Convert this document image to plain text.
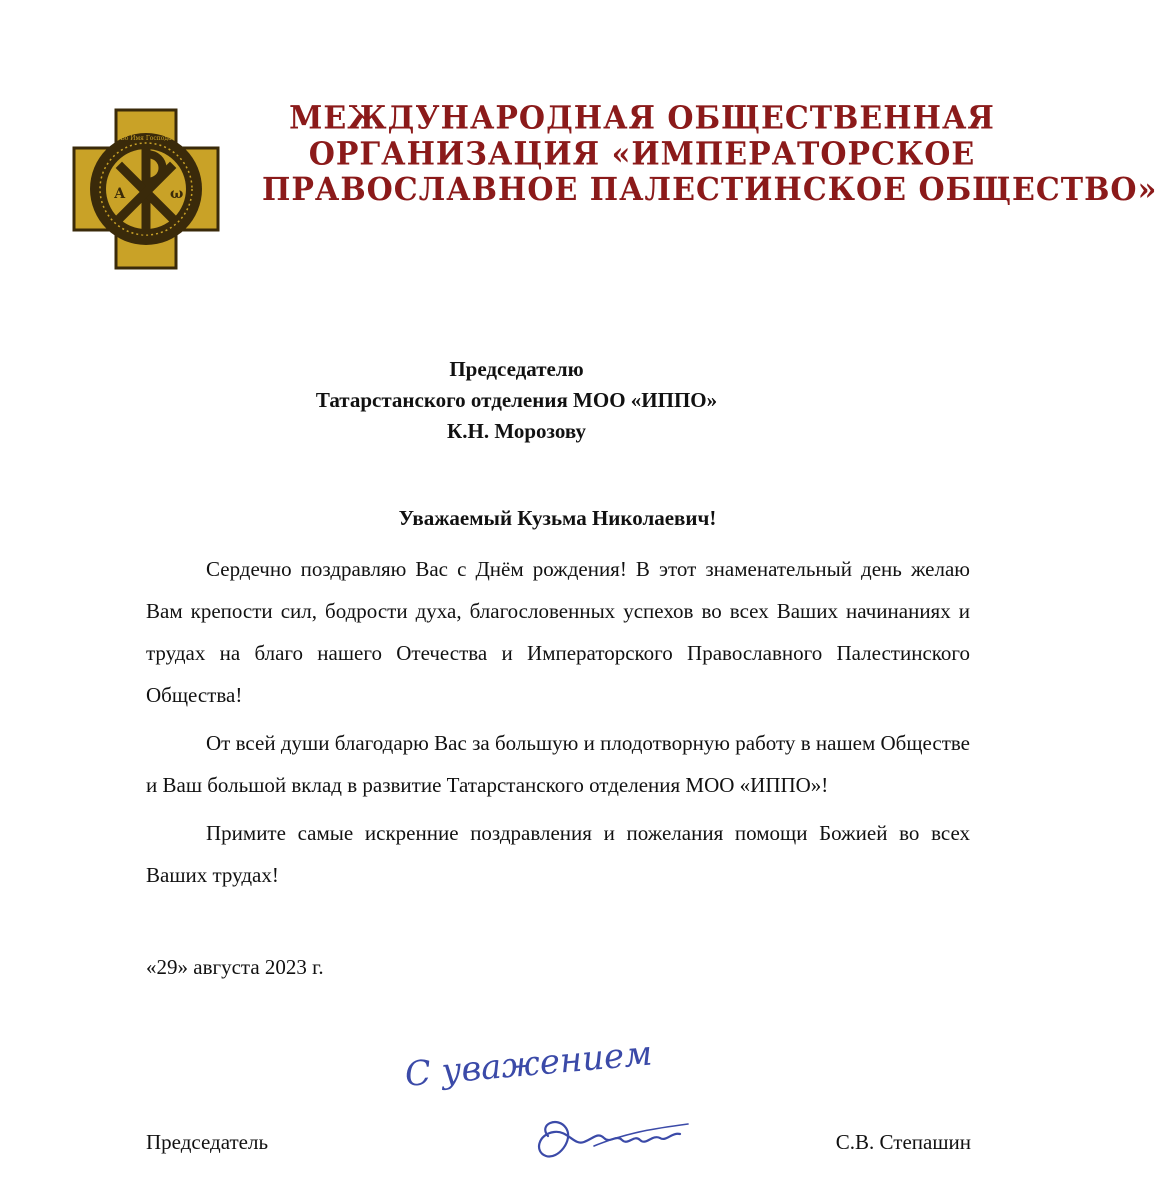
А	ω
Во Имя Господа
МЕЖДУНАРОДНАЯ ОБЩЕСТВЕННАЯ
ОРГАНИЗАЦИЯ «ИМПЕРАТОРСКОЕ
ПРАВОСЛАВНОЕ ПАЛЕСТИНСКОЕ ОБЩЕСТВО»
Председателю
Татарстанского отделения МОО «ИППО»
К.Н. Морозову
Уважаемый Кузьма Николаевич!

Сердечно поздравляю Вас с Днём рождения! В этот знаменательный день желаю Вам крепости сил, бодрости духа, благословенных успехов во всех Ваших начинаниях и трудах на благо нашего Отечества и Императорского Православного Палестинского Общества!

От всей души благодарю Вас за большую и плодотворную работу в нашем Обществе и Ваш большой вклад в развитие Татарстанского отделения МОО «ИППО»!

Примите самые искренние поздравления и пожелания помощи Божией во всех Ваших трудах!

«29» августа 2023 г.
С уважением
Председатель	С.В. Степашин
